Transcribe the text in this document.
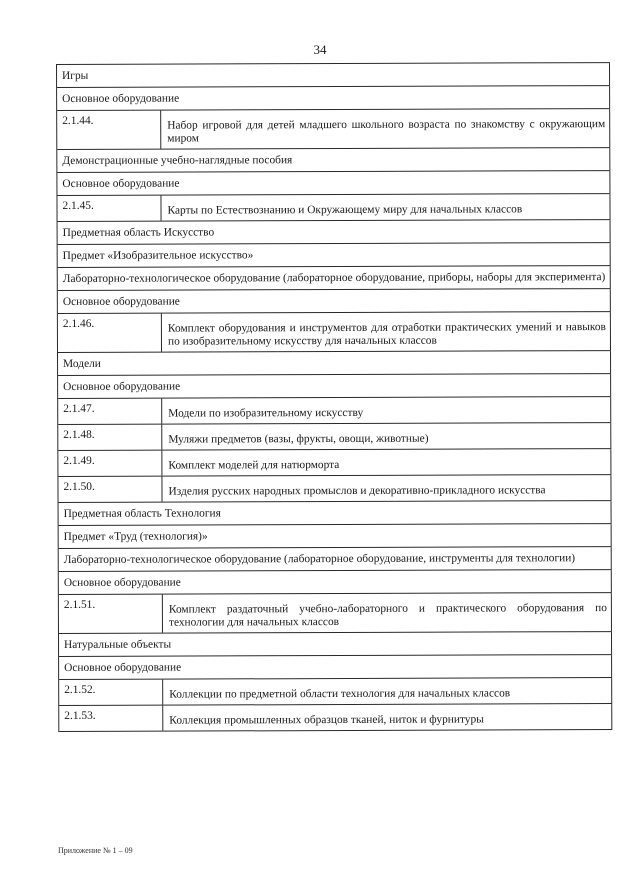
34
Игры
Основное оборудование
2.1.44.	Набор игровой для детей младшего школьного возраста по знакомству с окружающим миром
Демонстрационные учебно-наглядные пособия
Основное оборудование
2.1.45.	Карты по Естествознанию и Окружающему миру для начальных классов
Предметная область Искусство
Предмет «Изобразительное искусство»
Лабораторно-технологическое оборудование (лабораторное оборудование, приборы, наборы для эксперимента)
Основное оборудование
2.1.46.	Комплект оборудования и инструментов для отработки практических умений и навыков по изобразительному искусству для начальных классов
Модели
Основное оборудование
2.1.47.	Модели по изобразительному искусству
2.1.48.	Муляжи предметов (вазы, фрукты, овощи, животные)
2.1.49.	Комплект моделей для натюрморта
2.1.50.	Изделия русских народных промыслов и декоративно-прикладного искусства
Предметная область Технология
Предмет «Труд (технология)»
Лабораторно-технологическое оборудование (лабораторное оборудование, инструменты для технологии)
Основное оборудование
2.1.51.	Комплект раздаточный учебно-лабораторного и практического оборудования по технологии для начальных классов
Натуральные объекты
Основное оборудование
2.1.52.	Коллекции по предметной области технология для начальных классов
2.1.53.	Коллекция промышленных образцов тканей, ниток и фурнитуры
Приложение № 1 – 09
